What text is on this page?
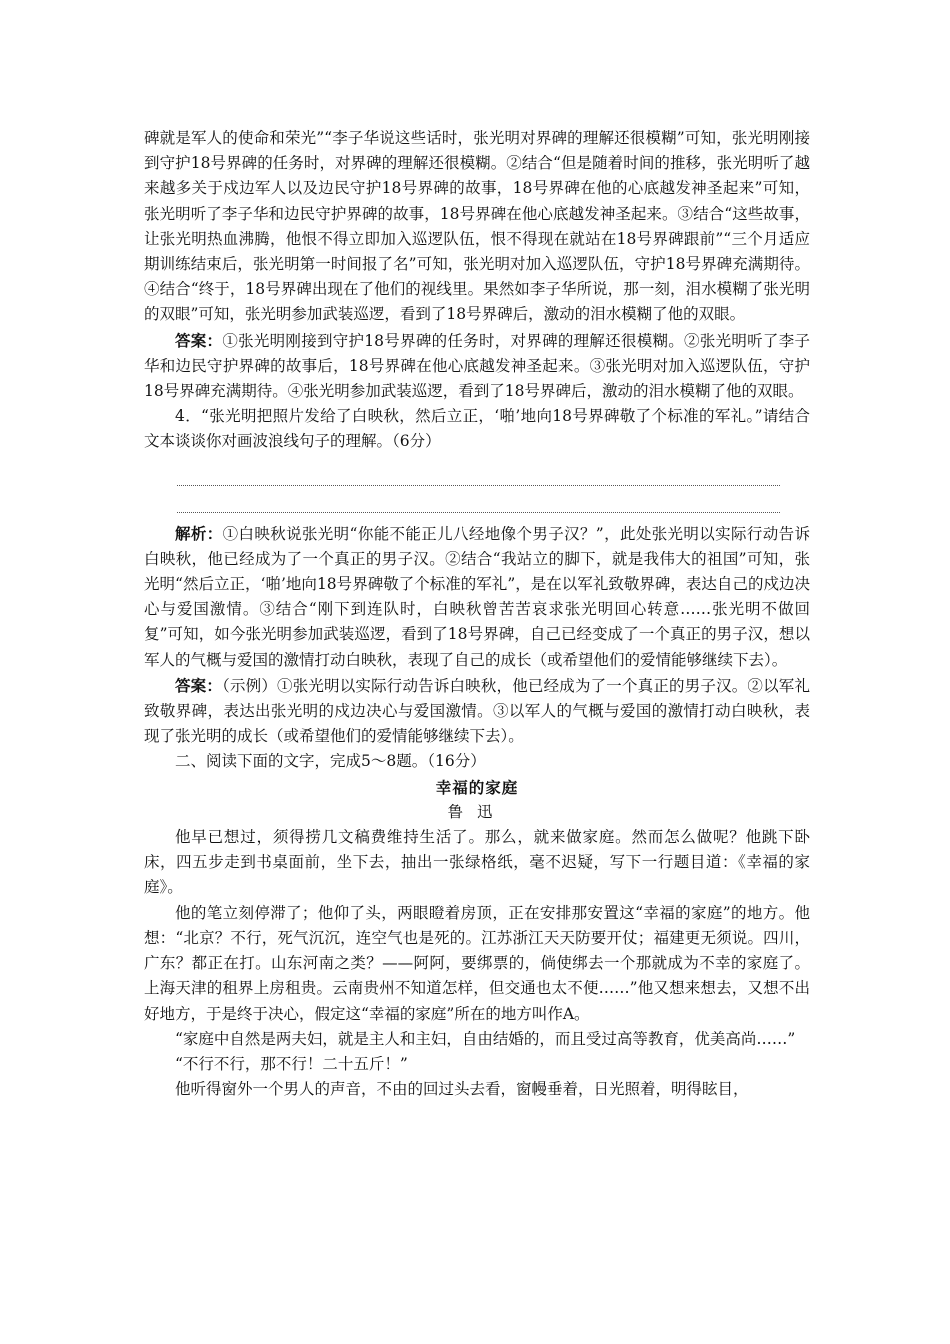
碑就是军人的使命和荣光”“李子华说这些话时，张光明对界碑的理解还很模糊”可知，张光明刚接到守护18号界碑的任务时，对界碑的理解还很模糊。②结合“但是随着时间的推移，张光明听了越来越多关于戍边军人以及边民守护18号界碑的故事，18号界碑在他的心底越发神圣起来”可知，张光明听了李子华和边民守护界碑的故事，18号界碑在他心底越发神圣起来。③结合“这些故事，让张光明热血沸腾，他恨不得立即加入巡逻队伍，恨不得现在就站在18号界碑跟前”“三个月适应期训练结束后，张光明第一时间报了名”可知，张光明对加入巡逻队伍，守护18号界碑充满期待。④结合“终于，18号界碑出现在了他们的视线里。果然如李子华所说，那一刻，泪水模糊了张光明的双眼”可知，张光明参加武装巡逻，看到了18号界碑后，激动的泪水模糊了他的双眼。

答案：①张光明刚接到守护18号界碑的任务时，对界碑的理解还很模糊。②张光明听了李子华和边民守护界碑的故事后，18号界碑在他心底越发神圣起来。③张光明对加入巡逻队伍，守护18号界碑充满期待。④张光明参加武装巡逻，看到了18号界碑后，激动的泪水模糊了他的双眼。

4．“张光明把照片发给了白映秋，然后立正，‘啪’地向18号界碑敬了个标准的军礼。”请结合文本谈谈你对画波浪线句子的理解。（6分）

解析：①白映秋说张光明“你能不能正儿八经地像个男子汉？”，此处张光明以实际行动告诉白映秋，他已经成为了一个真正的男子汉。②结合“我站立的脚下，就是我伟大的祖国”可知，张光明“然后立正，‘啪’地向18号界碑敬了个标准的军礼”，是在以军礼致敬界碑，表达自己的戍边决心与爱国激情。③结合“刚下到连队时，白映秋曾苦苦哀求张光明回心转意……张光明不做回复”可知，如今张光明参加武装巡逻，看到了18号界碑，自己已经变成了一个真正的男子汉，想以军人的气概与爱国的激情打动白映秋，表现了自己的成长（或希望他们的爱情能够继续下去）。

答案：（示例）①张光明以实际行动告诉白映秋，他已经成为了一个真正的男子汉。②以军礼致敬界碑，表达出张光明的戍边决心与爱国激情。③以军人的气概与爱国的激情打动白映秋，表现了张光明的成长（或希望他们的爱情能够继续下去）。

二、阅读下面的文字，完成5～8题。（16分）

幸福的家庭

鲁迅

他早已想过，须得捞几文稿费维持生活了。那么，就来做家庭。然而怎么做呢？他跳下卧床，四五步走到书桌面前，坐下去，抽出一张绿格纸，毫不迟疑，写下一行题目道：《幸福的家庭》。

他的笔立刻停滞了；他仰了头，两眼瞪着房顶，正在安排那安置这“幸福的家庭”的地方。他想：“北京？不行，死气沉沉，连空气也是死的。江苏浙江天天防要开仗；福建更无须说。四川，广东？都正在打。山东河南之类？——阿阿，要绑票的，倘使绑去一个那就成为不幸的家庭了。上海天津的租界上房租贵。云南贵州不知道怎样，但交通也太不便……”他又想来想去，又想不出好地方，于是终于决心，假定这“幸福的家庭”所在的地方叫作A。

“家庭中自然是两夫妇，就是主人和主妇，自由结婚的，而且受过高等教育，优美高尚……”

“不行不行，那不行！二十五斤！”

他听得窗外一个男人的声音，不由的回过头去看，窗幔垂着，日光照着，明得眩目，
